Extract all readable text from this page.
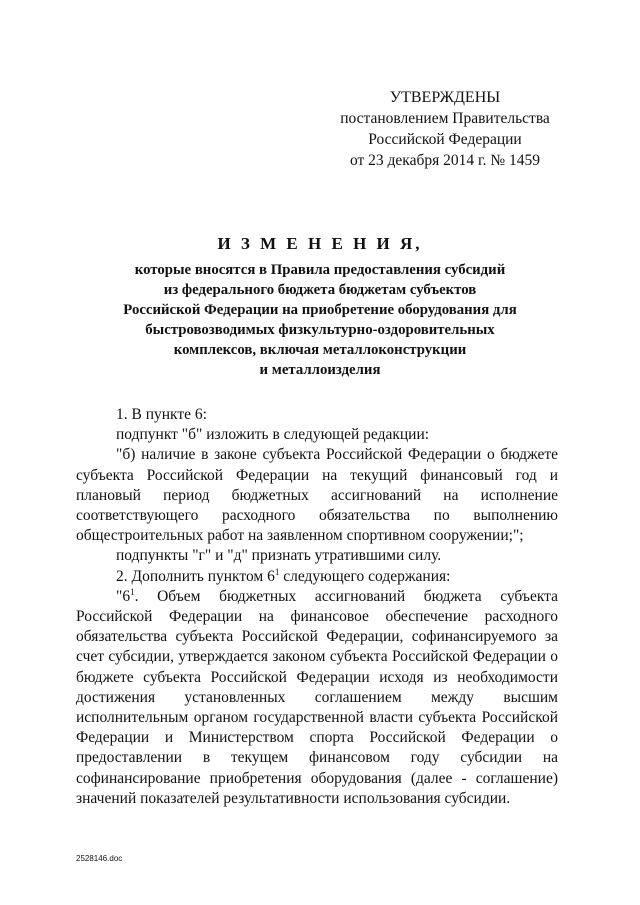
УТВЕРЖДЕНЫ
постановлением Правительства
Российской Федерации
от 23 декабря 2014 г. № 1459
И З М Е Н Е Н И Я,
которые вносятся в Правила предоставления субсидий
из федерального бюджета бюджетам субъектов
Российской Федерации на приобретение оборудования для
быстровозводимых физкультурно-оздоровительных
комплексов, включая металлоконструкции
и металлоизделия

1. В пункте 6:

подпункт "б" изложить в следующей редакции:

"б) наличие в законе субъекта Российской Федерации о бюджете субъекта Российской Федерации на текущий финансовый год и плановый период бюджетных ассигнований на исполнение соответствующего расходного обязательства по выполнению общестроительных работ на заявленном спортивном сооружении;";

подпункты "г" и "д" признать утратившими силу.

2. Дополнить пунктом $6^1$ следующего содержания:

"$6^1$. Объем бюджетных ассигнований бюджета субъекта Российской Федерации на финансовое обеспечение расходного обязательства субъекта Российской Федерации, софинансируемого за счет субсидии, утверждается законом субъекта Российской Федерации о бюджете субъекта Российской Федерации исходя из необходимости достижения установленных соглашением между высшим исполнительным органом государственной власти субъекта Российской Федерации и Министерством спорта Российской Федерации о предоставлении в текущем финансовом году субсидии на софинансирование приобретения оборудования (далее - соглашение) значений показателей результативности использования субсидии.

2528146.doc
